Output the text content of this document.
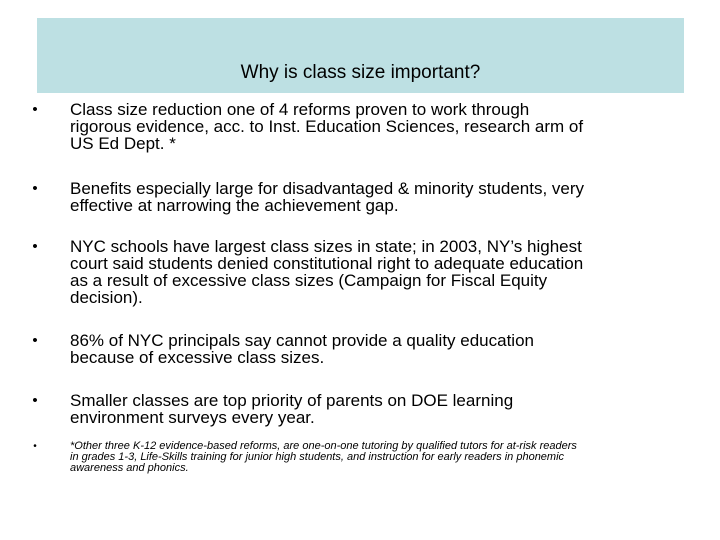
Why is class size important?
• Class size reduction one of 4 reforms proven to work through
rigorous evidence, acc. to Inst. Education Sciences, research arm of
US Ed Dept. *
• Benefits especially large for disadvantaged & minority students, very
effective at narrowing the achievement gap.
• NYC schools have largest class sizes in state; in 2003, NY’s highest
court said students denied constitutional right to adequate education
as a result of excessive class sizes (Campaign for Fiscal Equity
decision).
• 86% of NYC principals say cannot provide a quality education
because of excessive class sizes.
• Smaller classes are top priority of parents on DOE learning
environment surveys every year.
•	*Other three K-12 evidence-based reforms, are one-on-one tutoring by qualified tutors for at-risk readers
in grades 1-3, Life-Skills training for junior high students, and instruction for early readers in phonemic
awareness and phonics.
